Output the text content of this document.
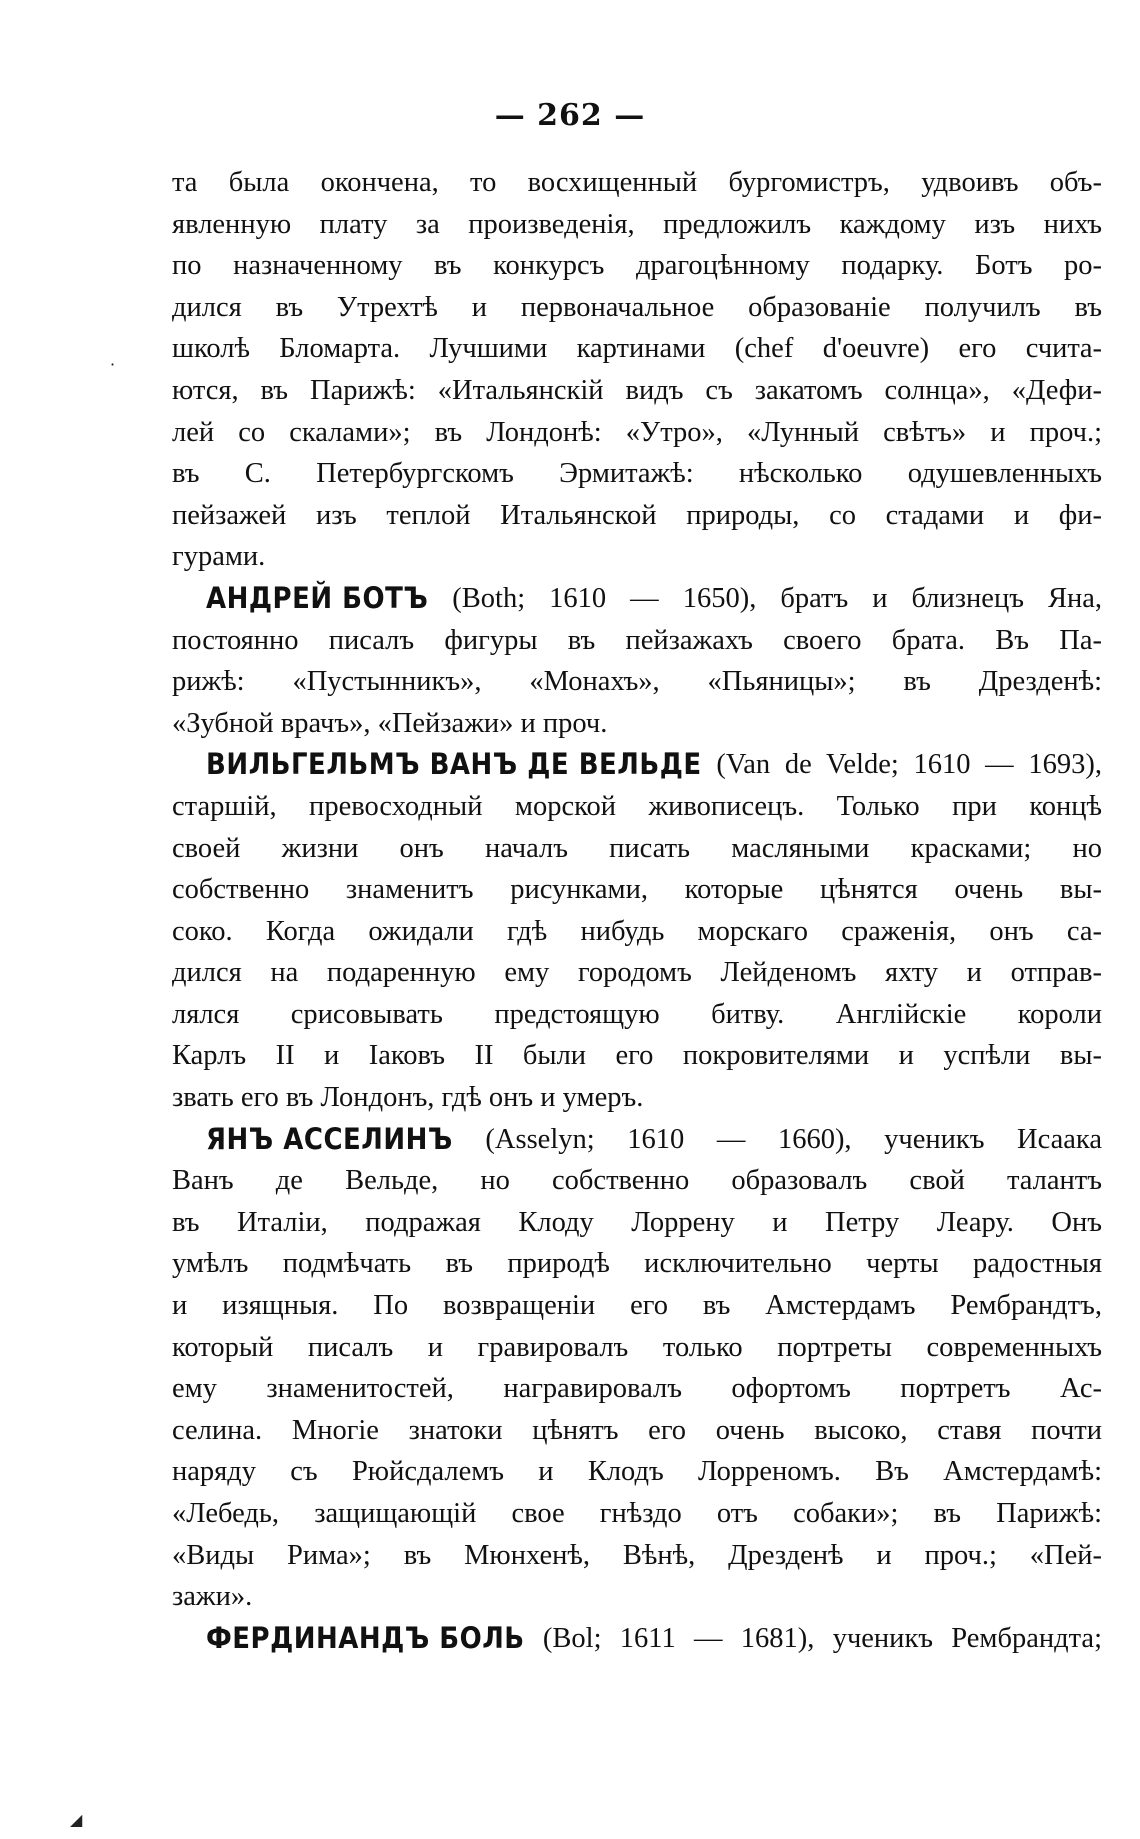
— 262 —
та была окончена, то восхищенный бургомистръ, удвоивъ объ-
явленную плату за произведенія, предложилъ каждому изъ нихъ
по назначенному въ конкурсъ драгоцѣнному подарку. Ботъ ро-
дился въ Утрехтѣ и первоначальное образованіе получилъ въ
школѣ Бломарта. Лучшими картинами (chef d'oeuvre) его считa-
ются, въ Парижѣ: «Итальянскій видъ съ закатомъ солнца», «Дефи-
лей со скалами»; въ Лондонѣ: «Утро», «Лунный свѣтъ» и проч.;
въ С. Петербургскомъ Эрмитажѣ: нѣсколько одушевленныхъ
пейзажей изъ теплой Итальянской природы, со стадами и фи-
гурами.
АНДРЕЙ БОТЪ (Both; 1610 — 1650), братъ и близнецъ Яна,
постоянно писалъ фигуры въ пейзажахъ своего брата. Въ Па-
рижѣ: «Пустынникъ», «Монахъ», «Пьяницы»; въ Дрезденѣ:
«Зубной врачъ», «Пейзажи» и проч.
ВИЛЬГЕЛЬМЪ ВАНЪ ДЕ ВЕЛЬДЕ (Van de Velde; 1610 — 1693),
старшій, превосходный морской живописецъ. Только при концѣ
своей жизни онъ началъ писать масляными красками; но
собственно знаменитъ рисунками, которые цѣнятся очень вы-
соко. Когда ожидали гдѣ нибудь морскаго сраженія, онъ са-
дился на подаренную ему городомъ Лейденомъ яхту и отправ-
лялся срисовывать предстоящую битву. Англійскіе короли
Карлъ II и Іаковъ II были его покровителями и успѣли вы-
звать его въ Лондонъ, гдѣ онъ и умеръ.
ЯНЪ АССЕЛИНЪ (Asselyn; 1610 — 1660), ученикъ Исаака
Ванъ де Вельде, но собственно образовалъ свой талантъ
въ Италіи, подражая Клоду Лоррену и Петру Леару. Онъ
умѣлъ подмѣчать въ природѣ исключительно черты радостныя
и изящныя. По возвращеніи его въ Амстердамъ Рембрандтъ,
который писалъ и гравировалъ только портреты современныхъ
ему знаменитостей, награвировалъ офортомъ портретъ Ас-
селина. Многіе знатоки цѣнятъ его очень высоко, ставя почти
наряду съ Рюйсдалемъ и Клодъ Лорреномъ. Въ Амстердамѣ:
«Лебедь, защищающій свое гнѣздо отъ собаки»; въ Парижѣ:
«Виды Рима»; въ Мюнхенѣ, Вѣнѣ, Дрезденѣ и проч.; «Пей-
зажи».
ФЕРДИНАНДЪ БОЛЬ (Bol; 1611 — 1681), ученикъ Рембрандта;
·
◢
